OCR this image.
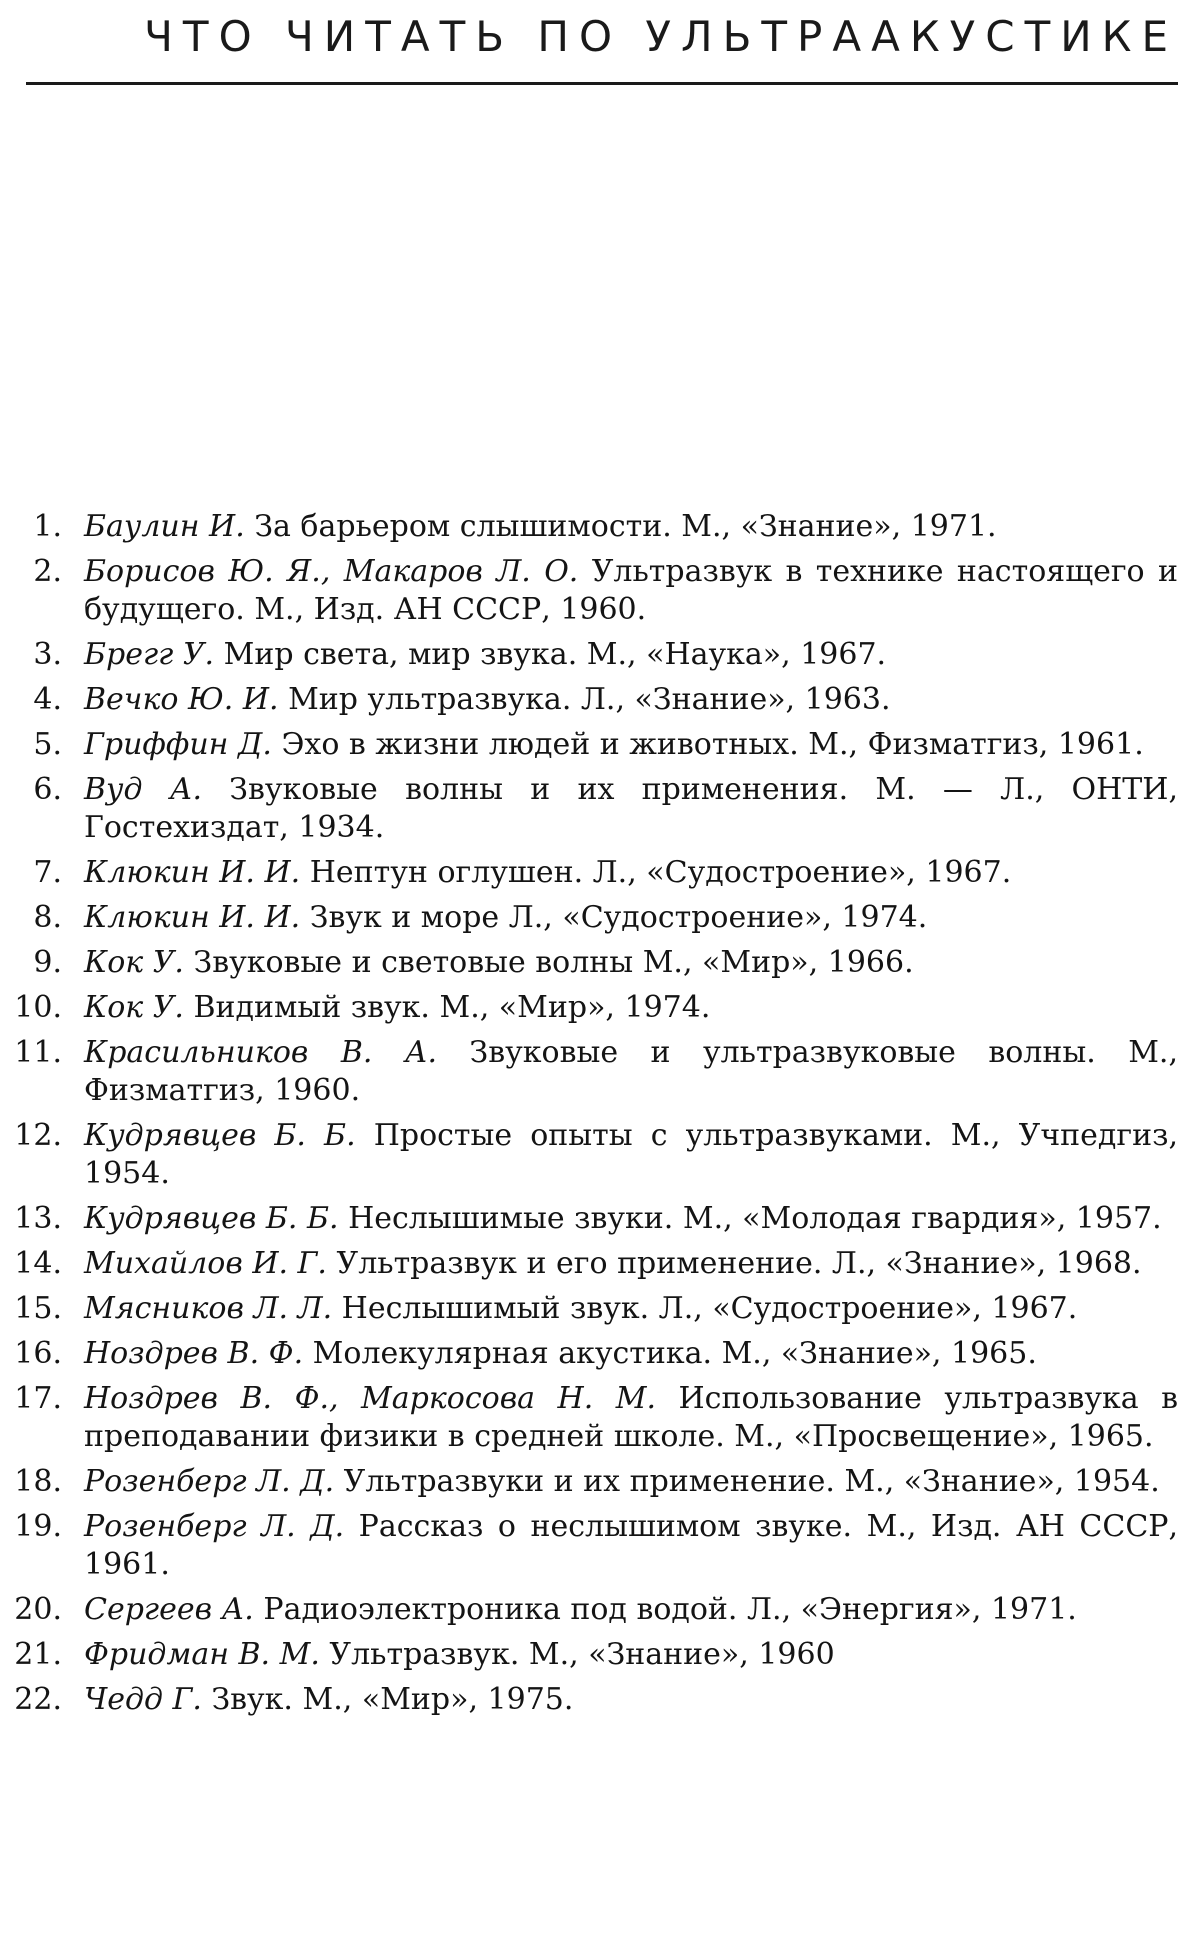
ЧТО ЧИТАТЬ ПО УЛЬТРААКУСТИКЕ
1. Баулин И. За барьером слышимости. М., «Знание», 1971.
2. Борисов Ю. Я., Макаров Л. О. Ультразвук в технике настоящего и будущего. М., Изд. АН СССР, 1960.
3. Брегг У. Мир света, мир звука. М., «Наука», 1967.
4. Вечко Ю. И. Мир ультразвука. Л., «Знание», 1963.
5. Гриффин Д. Эхо в жизни людей и животных. М., Физматгиз, 1961.
6. Вуд А. Звуковые волны и их применения. М. — Л., ОНТИ, Гостехиздат, 1934.
7. Клюкин И. И. Нептун оглушен. Л., «Судостроение», 1967.
8. Клюкин И. И. Звук и море Л., «Судостроение», 1974.
9. Кок У. Звуковые и световые волны М., «Мир», 1966.
10. Кок У. Видимый звук. М., «Мир», 1974.
11. Красильников В. А. Звуковые и ультразвуковые волны. М., Физматгиз, 1960.
12. Кудрявцев Б. Б. Простые опыты с ультразвуками. М., Учпедгиз, 1954.
13. Кудрявцев Б. Б. Неслышимые звуки. М., «Молодая гвардия», 1957.
14. Михайлов И. Г. Ультразвук и его применение. Л., «Знание», 1968.
15. Мясников Л. Л. Неслышимый звук. Л., «Судостроение», 1967.
16. Ноздрев В. Ф. Молекулярная акустика. М., «Знание», 1965.
17. Ноздрев В. Ф., Маркосова Н. М. Использование ультразвука в преподавании физики в средней школе. М., «Просвещение», 1965.
18. Розенберг Л. Д. Ультразвуки и их применение. М., «Знание», 1954.
19. Розенберг Л. Д. Рассказ о неслышимом звуке. М., Изд. АН СССР, 1961.
20. Сергеев А. Радиоэлектроника под водой. Л., «Энергия», 1971.
21. Фридман В. М. Ультразвук. М., «Знание», 1960
22. Чедд Г. Звук. М., «Мир», 1975.
